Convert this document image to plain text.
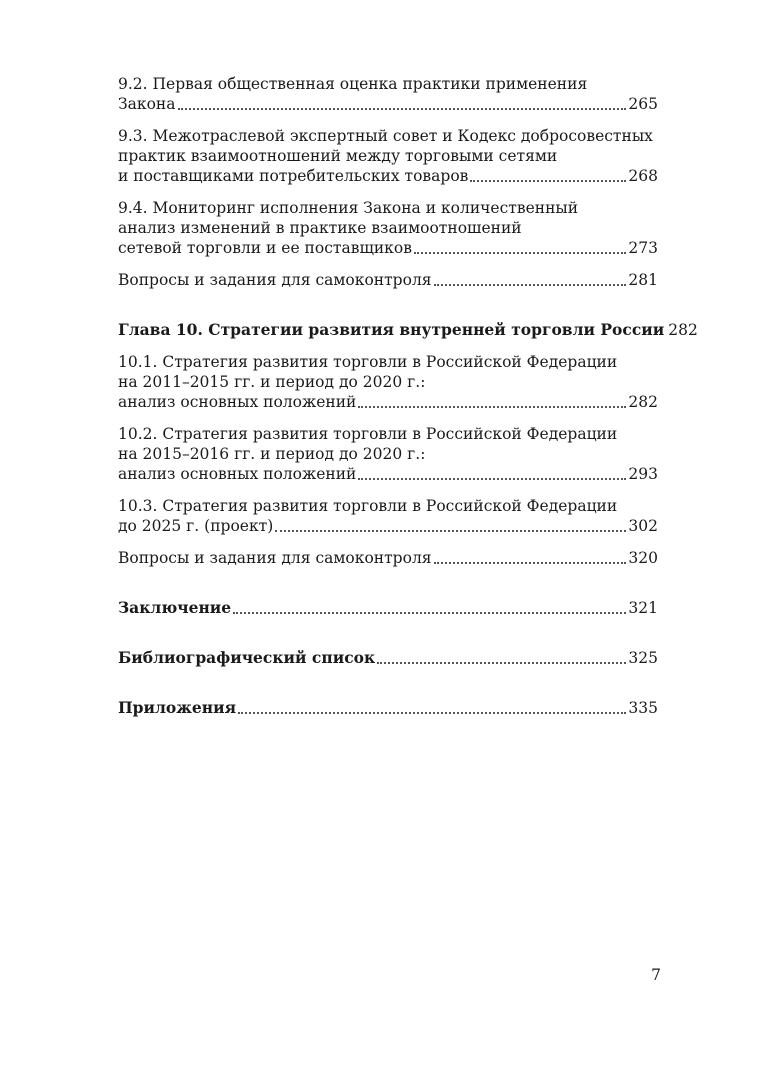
9.2. Первая общественная оценка практики применения
Закона	265
9.3. Межотраслевой экспертный совет и Кодекс добросовестных
практик взаимоотношений между торговыми сетями
и поставщиками потребительских товаров	268
9.4. Мониторинг исполнения Закона и количественный
анализ изменений в практике взаимоотношений
сетевой торговли и ее поставщиков	273
Вопросы и задания для самоконтроля	281
Глава 10. Стратегии развития внутренней торговли России 282
10.1. Стратегия развития торговли в Российской Федерации
на 2011–2015 гг. и период до 2020 г.:
анализ основных положений	282
10.2. Стратегия развития торговли в Российской Федерации
на 2015–2016 гг. и период до 2020 г.:
анализ основных положений	293
10.3. Стратегия развития торговли в Российской Федерации
до 2025 г. (проект)	302
Вопросы и задания для самоконтроля	320
Заключение	321
Библиографический список	325
Приложения	335
7
